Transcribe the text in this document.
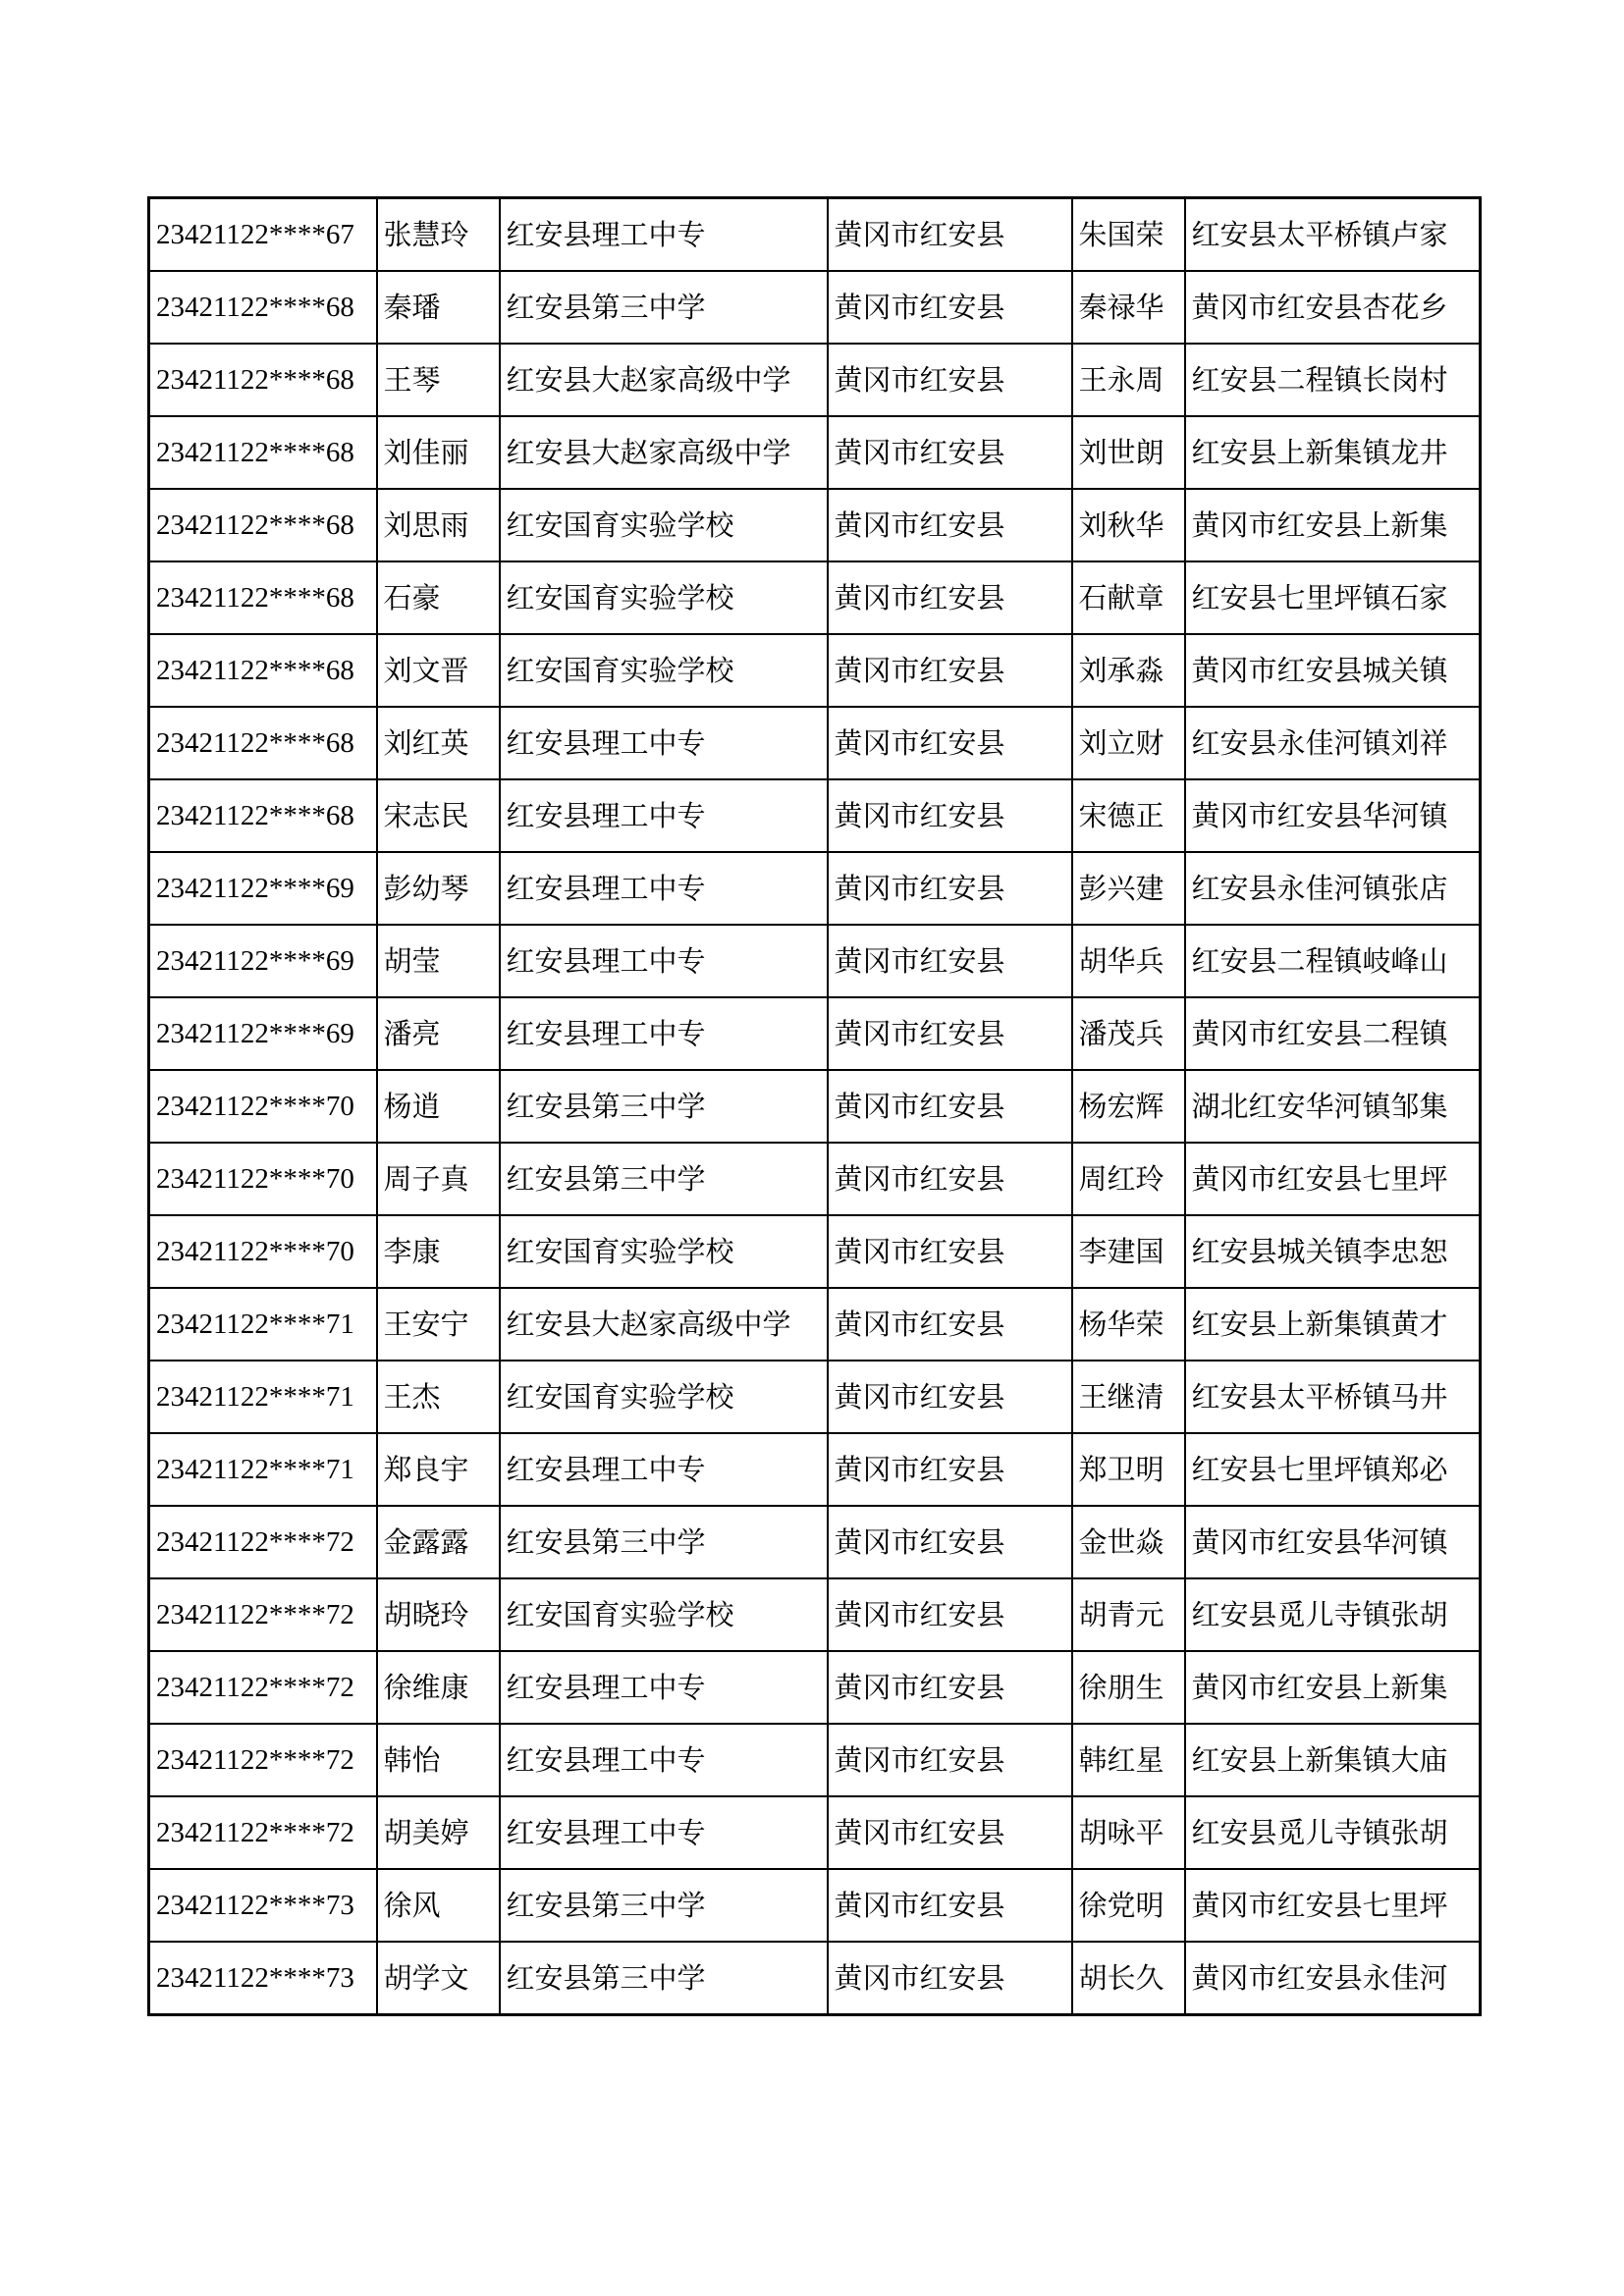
23421122****67	张慧玲	红安县理工中专	黄冈市红安县	朱国荣	红安县太平桥镇卢家
23421122****68	秦璠	红安县第三中学	黄冈市红安县	秦禄华	黄冈市红安县杏花乡
23421122****68	王琴	红安县大赵家高级中学	黄冈市红安县	王永周	红安县二程镇长岗村
23421122****68	刘佳丽	红安县大赵家高级中学	黄冈市红安县	刘世朗	红安县上新集镇龙井
23421122****68	刘思雨	红安国育实验学校	黄冈市红安县	刘秋华	黄冈市红安县上新集
23421122****68	石豪	红安国育实验学校	黄冈市红安县	石献章	红安县七里坪镇石家
23421122****68	刘文晋	红安国育实验学校	黄冈市红安县	刘承淼	黄冈市红安县城关镇
23421122****68	刘红英	红安县理工中专	黄冈市红安县	刘立财	红安县永佳河镇刘祥
23421122****68	宋志民	红安县理工中专	黄冈市红安县	宋德正	黄冈市红安县华河镇
23421122****69	彭幼琴	红安县理工中专	黄冈市红安县	彭兴建	红安县永佳河镇张店
23421122****69	胡莹	红安县理工中专	黄冈市红安县	胡华兵	红安县二程镇岐峰山
23421122****69	潘亮	红安县理工中专	黄冈市红安县	潘茂兵	黄冈市红安县二程镇
23421122****70	杨逍	红安县第三中学	黄冈市红安县	杨宏辉	湖北红安华河镇邹集
23421122****70	周子真	红安县第三中学	黄冈市红安县	周红玲	黄冈市红安县七里坪
23421122****70	李康	红安国育实验学校	黄冈市红安县	李建国	红安县城关镇李忠恕
23421122****71	王安宁	红安县大赵家高级中学	黄冈市红安县	杨华荣	红安县上新集镇黄才
23421122****71	王杰	红安国育实验学校	黄冈市红安县	王继清	红安县太平桥镇马井
23421122****71	郑良宇	红安县理工中专	黄冈市红安县	郑卫明	红安县七里坪镇郑必
23421122****72	金露露	红安县第三中学	黄冈市红安县	金世焱	黄冈市红安县华河镇
23421122****72	胡晓玲	红安国育实验学校	黄冈市红安县	胡青元	红安县觅儿寺镇张胡
23421122****72	徐维康	红安县理工中专	黄冈市红安县	徐朋生	黄冈市红安县上新集
23421122****72	韩怡	红安县理工中专	黄冈市红安县	韩红星	红安县上新集镇大庙
23421122****72	胡美婷	红安县理工中专	黄冈市红安县	胡咏平	红安县觅儿寺镇张胡
23421122****73	徐风	红安县第三中学	黄冈市红安县	徐党明	黄冈市红安县七里坪
23421122****73	胡学文	红安县第三中学	黄冈市红安县	胡长久	黄冈市红安县永佳河
